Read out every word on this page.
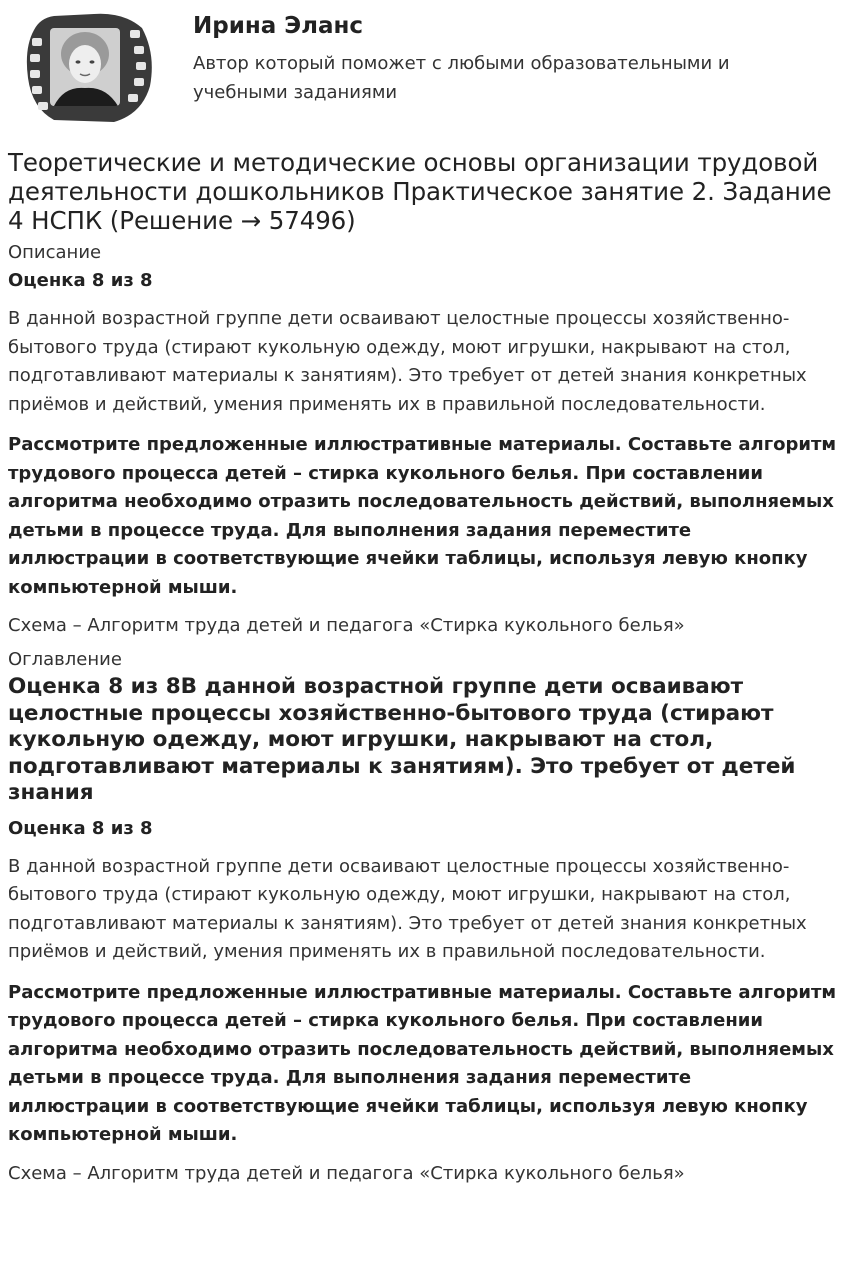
Ирина Эланс

Автор который поможет с любыми образовательными и учебными заданиями

Теоретические и методические основы организации трудовой деятельности дошкольников Практическое занятие 2. Задание 4 НСПК (Решение → 57496)
Описание
Оценка 8 из 8

В данной возрастной группе дети осваивают целостные процессы хозяйственно-бытового труда (стирают кукольную одежду, моют игрушки, накрывают на стол, подготавливают материалы к занятиям). Это требует от детей знания конкретных приёмов и действий, умения применять их в правильной последовательности.

Рассмотрите предложенные иллюстративные материалы. Составьте алгоритм трудового процесса детей – стирка кукольного белья. При составлении алгоритма необходимо отразить последовательность действий, выполняемых детьми в процессе труда. Для выполнения задания переместите иллюстрации в соответствующие ячейки таблицы, используя левую кнопку компьютерной мыши.

Схема – Алгоритм труда детей и педагога «Стирка кукольного белья»
Оглавление
Оценка 8 из 8В данной возрастной группе дети осваивают целостные процессы хозяйственно-бытового труда (стирают кукольную одежду, моют игрушки, накрывают на стол, подготавливают материалы к занятиям). Это требует от детей знания
Оценка 8 из 8

В данной возрастной группе дети осваивают целостные процессы хозяйственно-бытового труда (стирают кукольную одежду, моют игрушки, накрывают на стол, подготавливают материалы к занятиям). Это требует от детей знания конкретных приёмов и действий, умения применять их в правильной последовательности.

Рассмотрите предложенные иллюстративные материалы. Составьте алгоритм трудового процесса детей – стирка кукольного белья. При составлении алгоритма необходимо отразить последовательность действий, выполняемых детьми в процессе труда. Для выполнения задания переместите иллюстрации в соответствующие ячейки таблицы, используя левую кнопку компьютерной мыши.

Схема – Алгоритм труда детей и педагога «Стирка кукольного белья»
